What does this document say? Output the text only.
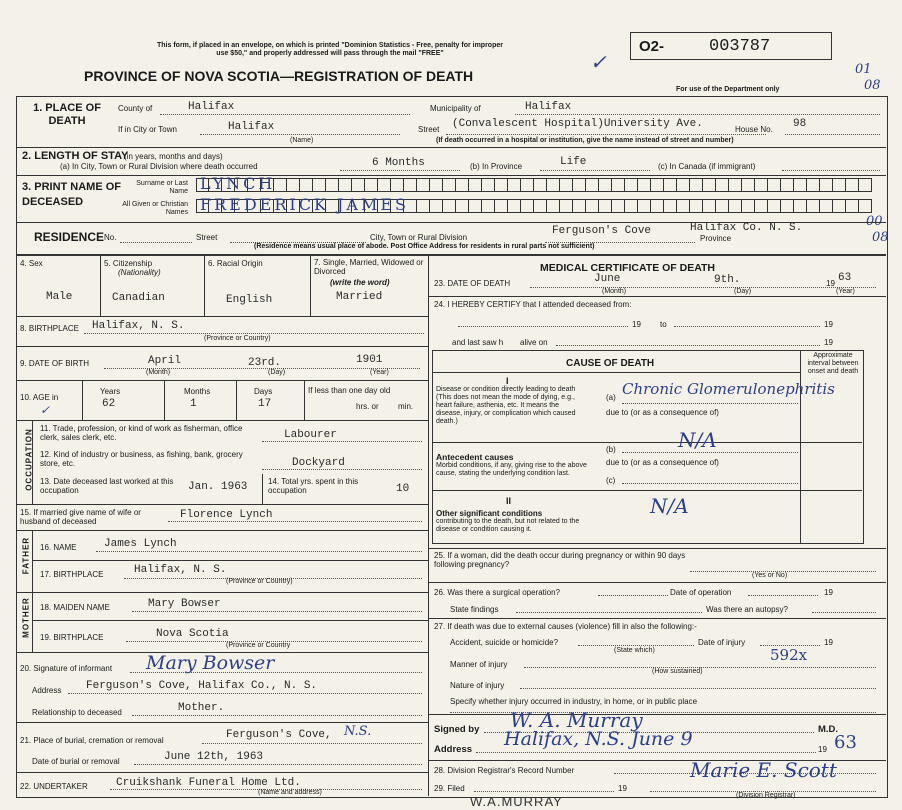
This form, if placed in an envelope, on which is printed "Dominion Statistics - Free, penalty for improper
use $50," and properly addressed will pass through the mail "FREE"
PROVINCE OF NOVA SCOTIA—REGISTRATION OF DEATH
O2-	003787
✓
For use of the Department only
01
08
00
08
1. PLACE OF DEATH
County of	Halifax	Municipality of	Halifax
If in City or Town	Halifax
(Name)
Street (Convalescent Hospital)University Ave.	House No. 98
(If death occurred in a hospital or institution, give the name instead of street and number)
2. LENGTH OF STAY
(in years, months and days)
(a) In City, Town or Rural Division where death occurred	6 Months	(b) In Province	Life	(c) In Canada (if immigrant)
3. PRINT NAME OF DECEASED
Surname or Last Name
All Given or Christian Names
LYNCH
FREDERICK JAMES
RESIDENCE No.	Street	City, Town or Rural Division
Ferguson's Cove
Province
Halifax Co. N. S.
(Residence means usual place of abode. Post Office Address for residents in rural parts not sufficient)
4. Sex
Male
5. Citizenship
(Nationality)
Canadian
6. Racial Origin
English
7. Single, Married, Widowed or Divorced
(write the word)
Married
8. BIRTHPLACE Halifax, N. S.
(Province or Country)
9. DATE OF BIRTH	April	23rd.	1901
(Month)	(Day)	(Year)
10. AGE in
✓
Years
62
Months
1
Days
17
If less than one day old
hrs. or min.
OCCUPATION 11. Trade, profession, or kind of work as fisherman, office clerk, sales clerk, etc.	Labourer
12. Kind of industry or business, as fishing, bank, grocery store, etc.	Dockyard
13. Date deceased last worked at this occupation	Jan. 1963	14. Total yrs. spent in this occupation	10
15. If married give name of wife or husband of deceased
Florence Lynch
FATHER 16. NAME	James Lynch
17. BIRTHPLACE	Halifax, N. S.
(Province or Country)
MOTHER 18. MAIDEN NAME	Mary Bowser
19. BIRTHPLACE	Nova Scotia
(Province or Country
20. Signature of informant Mary Bowser
Address Ferguson's Cove, Halifax Co., N. S.
Relationship to deceased	Mother.
21. Place of burial, cremation or removal	Ferguson's Cove, N.S.
Date of burial or removal	June 12th, 1963
22. UNDERTAKER	Cruikshank Funeral Home Ltd.
(Name and address)
MEDICAL CERTIFICATE OF DEATH
23. DATE OF DEATH	June	9th.	19 63
(Month)	(Day)	(Year)
24. I HEREBY CERTIFY that I attended deceased from:
19 to	19
and last saw h alive on	19
CAUSE OF DEATH
Approximate interval between onset and death
I
Disease or condition directly leading to death (This does not mean the mode of dying, e.g., heart failure, asthenia, etc. It means the disease, injury, or complication which caused death.)
(a) Chronic Glomerulonephritis
due to (or as a consequence of)
(b)	N/A
Antecedent causes
Morbid conditions, if any, giving rise to the above cause, stating the underlying condition last.
due to (or as a consequence of)
(c)
II
Other significant conditions
contributing to the death, but not related to the disease or condition causing it.
N/A
25. If a woman, did the death occur during pregnancy or within 90 days following pregnancy?
(Yes or No)
26. Was there a surgical operation?	Date of operation	19
State findings	Was there an autopsy?
27. If death was due to external causes (violence) fill in also the following:-
Accident, suicide or homicide?	Date of injury	19
(State which)	592x
Manner of injury
(How sustained)
Nature of injury
Specify whether injury occurred in industry, in home, or in public place
Signed by W. A. Murray	M.D.
Address Halifax, N.S. June 9	19 63
28. Division Registrar's Record Number
29. Filed	19
Marie E. Scott
(Division Registrar)
W.A.MURRAY
